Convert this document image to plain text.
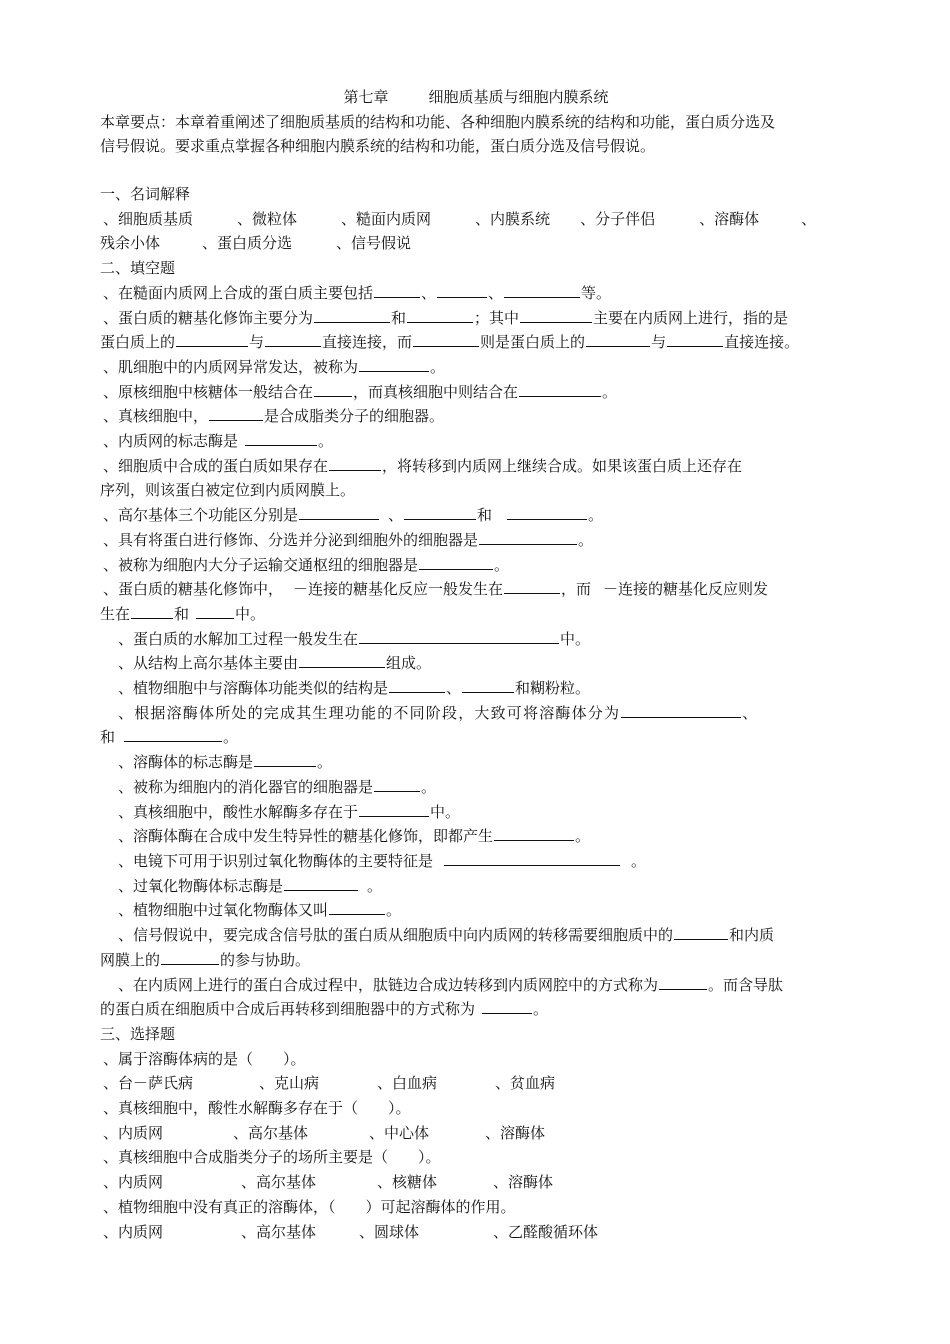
第七章	细胞质基质与细胞内膜系统
本章要点：本章着重阐述了细胞质基质的结构和功能、各种细胞内膜系统的结构和功能，蛋白质分选及
信号假说。要求重点掌握各种细胞内膜系统的结构和功能，蛋白质分选及信号假说。
一、名词解释
、细胞质基质	、微粒体	、糙面内质网	、内膜系统 、分子伴侣	、溶酶体	、
残余小体	、蛋白质分选	、信号假说
二、填空题
、在糙面内质网上合成的蛋白质主要包括	、	、	等。
、蛋白质的糖基化修饰主要分为	和	；其中	主要在内质网上进行，指的是
蛋白质上的	与	直接连接，而	则是蛋白质上的	与	直接连接。
、肌细胞中的内质网异常发达，被称为	。
、原核细胞中核糖体一般结合在	，而真核细胞中则结合在	。
、真核细胞中，	是合成脂类分子的细胞器。
、内质网的标志酶是	。
、细胞质中合成的蛋白质如果存在	，将转移到内质网上继续合成。如果该蛋白质上还存在
序列，则该蛋白被定位到内质网膜上。
、高尔基体三个功能区分别是	、	和	。
、具有将蛋白进行修饰、分选并分泌到细胞外的细胞器是	。
、被称为细胞内大分子运输交通枢纽的细胞器是	。
、蛋白质的糖基化修饰中， －连接的糖基化反应一般发生在	，而 －连接的糖基化反应则发
生在	和	中。
、蛋白质的水解加工过程一般发生在	中。
、从结构上高尔基体主要由	组成。
、植物细胞中与溶酶体功能类似的结构是	、	和糊粉粒。
、根据溶酶体所处的完成其生理功能的不同阶段，大致可将溶酶体分为	、
和	。
、溶酶体的标志酶是	。
、被称为细胞内的消化器官的细胞器是	。
、真核细胞中，酸性水解酶多存在于	中。
、溶酶体酶在合成中发生特异性的糖基化修饰，即都产生	。
、电镜下可用于识别过氧化物酶体的主要特征是	。
、过氧化物酶体标志酶是	。
、植物细胞中过氧化物酶体又叫	。
、信号假说中，要完成含信号肽的蛋白质从细胞质中向内质网的转移需要细胞质中的	和内质
网膜上的	的参与协助。
、在内质网上进行的蛋白合成过程中，肽链边合成边转移到内质网腔中的方式称为	。而含导肽
的蛋白质在细胞质中合成后再转移到细胞器中的方式称为	。
三、选择题
、属于溶酶体病的是（　　）。
、台－萨氏病	、克山病	、白血病	、贫血病
、真核细胞中，酸性水解酶多存在于（　　）。
、内质网	、高尔基体	、中心体	、溶酶体
、真核细胞中合成脂类分子的场所主要是（　　）。
、内质网	、高尔基体	、核糖体	、溶酶体
、植物细胞中没有真正的溶酶体，（　　）可起溶酶体的作用。
、内质网	、高尔基体	、圆球体	、乙醛酸循环体
